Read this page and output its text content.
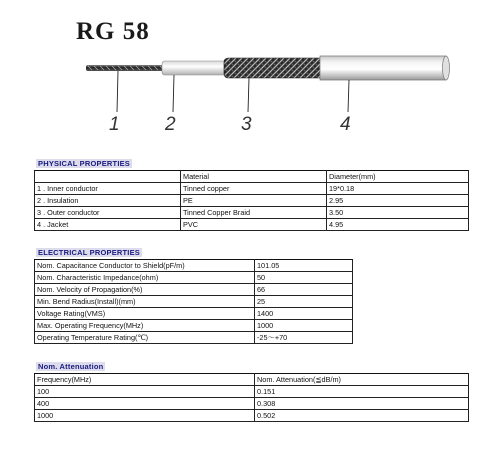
RG 58
1 2	3	4
PHYSICAL PROPERTIES
	Material	Diameter(mm)
1 . Inner conductor	Tinned copper	19*0.18
2 . Insulation	PE	2.95
3 . Outer conductor	Tinned Copper Braid	3.50
4 . Jacket	PVC	4.95
ELECTRICAL PROPERTIES
Nom. Capacitance Conductor to Shield(pF/m)	101.05
Nom. Characteristic Impedance(ohm)	50
Nom. Velocity of Propagation(%)	66
Min. Bend Radius(Install)(mm)	25
Voltage Rating(VMS)	1400
Max. Operating Frequency(MHz)	1000
Operating Temperature Rating(℃)	-25～+70
Nom. Attenuation
Frequency(MHz)	Nom. Attenuation(≦dB/m)
100	0.151
400	0.308
1000	0.502
